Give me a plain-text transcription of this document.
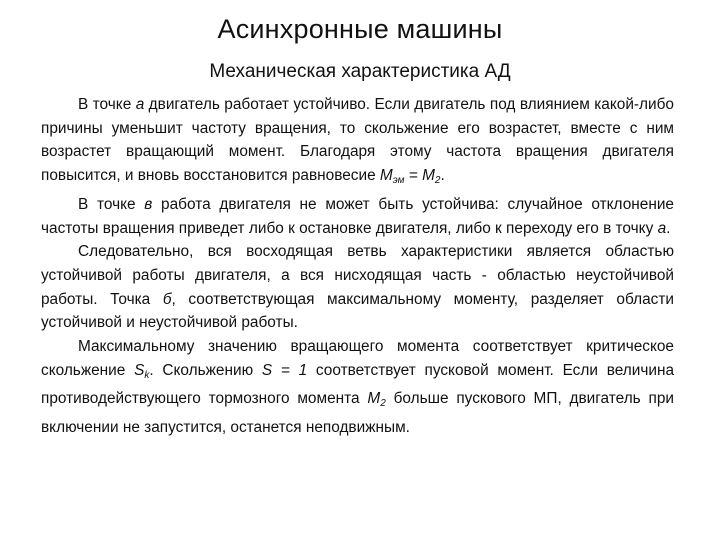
Асинхронные машины
Механическая характеристика АД

В точке а двигатель работает устойчиво. Если двигатель под влиянием какой-либо причины уменьшит частоту вращения, то скольжение его возрастет, вместе с ним возрастет вращающий момент. Благодаря этому частота вращения двигателя повысится, и вновь восстановится равновесие $М_{эм} = М_2$.

В точке в работа двигателя не может быть устойчива: случайное отклонение частоты вращения приведет либо к остановке двигателя, либо к переходу его в точку а.

Следовательно, вся восходящая ветвь характеристики является областью устойчивой работы двигателя, а вся нисходящая часть - областью неустойчивой работы. Точка б, соответствующая максимальному моменту, разделяет области устойчивой и неустойчивой работы.

Максимальному значению вращающего момента соответствует критическое скольжение $S_k$. Скольжению S = 1 соответствует пусковой момент. Если величина противодействующего тормозного момента $М_2$ больше пускового МП, двигатель при включении не запустится, останется неподвижным.
